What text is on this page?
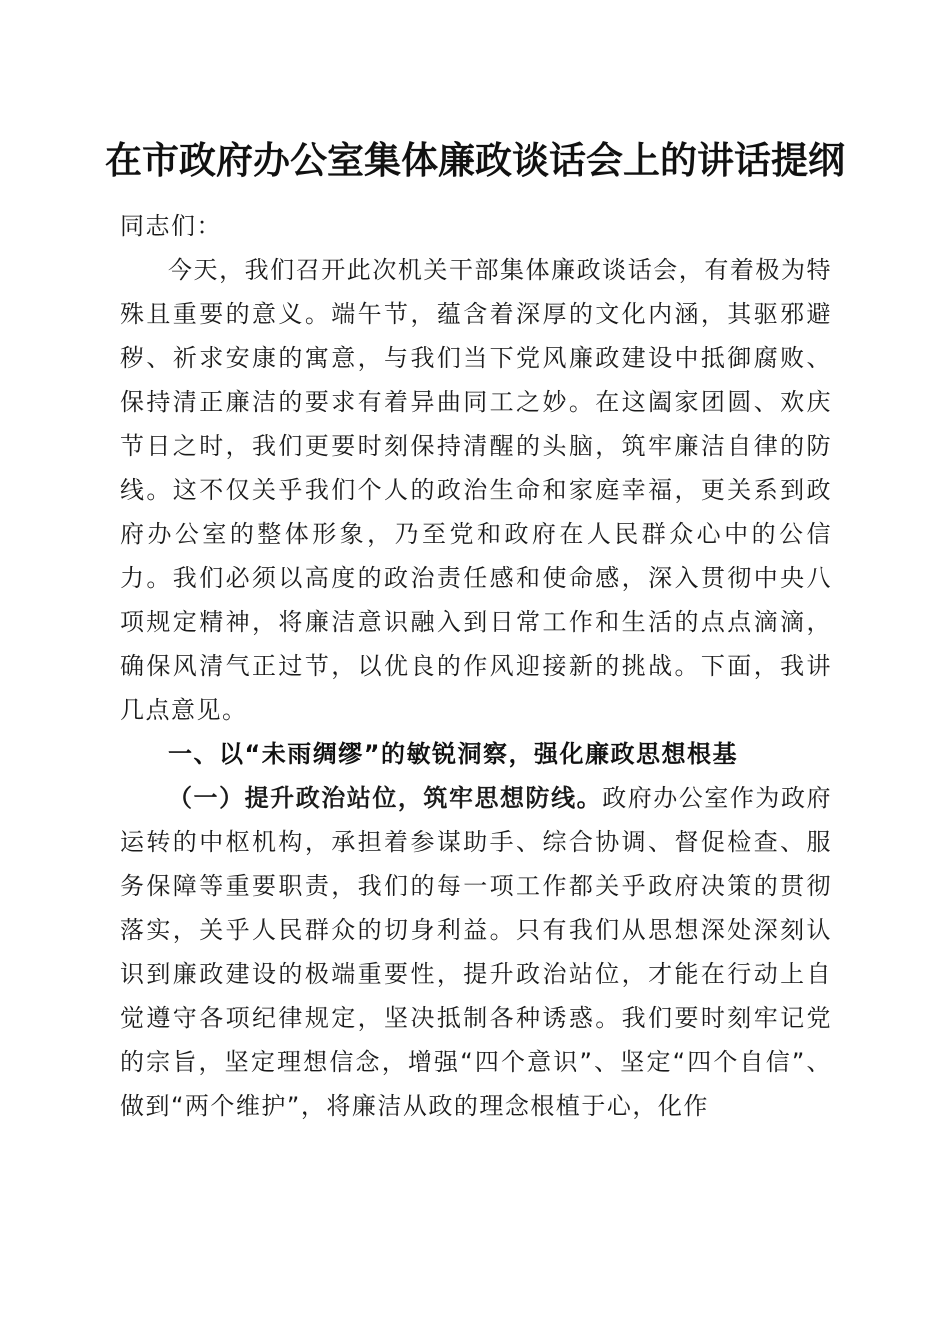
在市政府办公室集体廉政谈话会上的讲话提纲

同志们：

今天，我们召开此次机关干部集体廉政谈话会，有着极为特殊且重要的意义。端午节，蕴含着深厚的文化内涵，其驱邪避秽、祈求安康的寓意，与我们当下党风廉政建设中抵御腐败、保持清正廉洁的要求有着异曲同工之妙。在这阖家团圆、欢庆节日之时，我们更要时刻保持清醒的头脑，筑牢廉洁自律的防线。这不仅关乎我们个人的政治生命和家庭幸福，更关系到政府办公室的整体形象，乃至党和政府在人民群众心中的公信力。我们必须以高度的政治责任感和使命感，深入贯彻中央八项规定精神，将廉洁意识融入到日常工作和生活的点点滴滴，确保风清气正过节，以优良的作风迎接新的挑战。下面，我讲几点意见。

一、以“未雨绸缪”的敏锐洞察，强化廉政思想根基

（一）提升政治站位，筑牢思想防线。政府办公室作为政府运转的中枢机构，承担着参谋助手、综合协调、督促检查、服务保障等重要职责，我们的每一项工作都关乎政府决策的贯彻落实，关乎人民群众的切身利益。只有我们从思想深处深刻认识到廉政建设的极端重要性，提升政治站位，才能在行动上自觉遵守各项纪律规定，坚决抵制各种诱惑。我们要时刻牢记党的宗旨，坚定理想信念，增强“四个意识”、坚定“四个自信”、做到“两个维护”，将廉洁从政的理念根植于心，化作
